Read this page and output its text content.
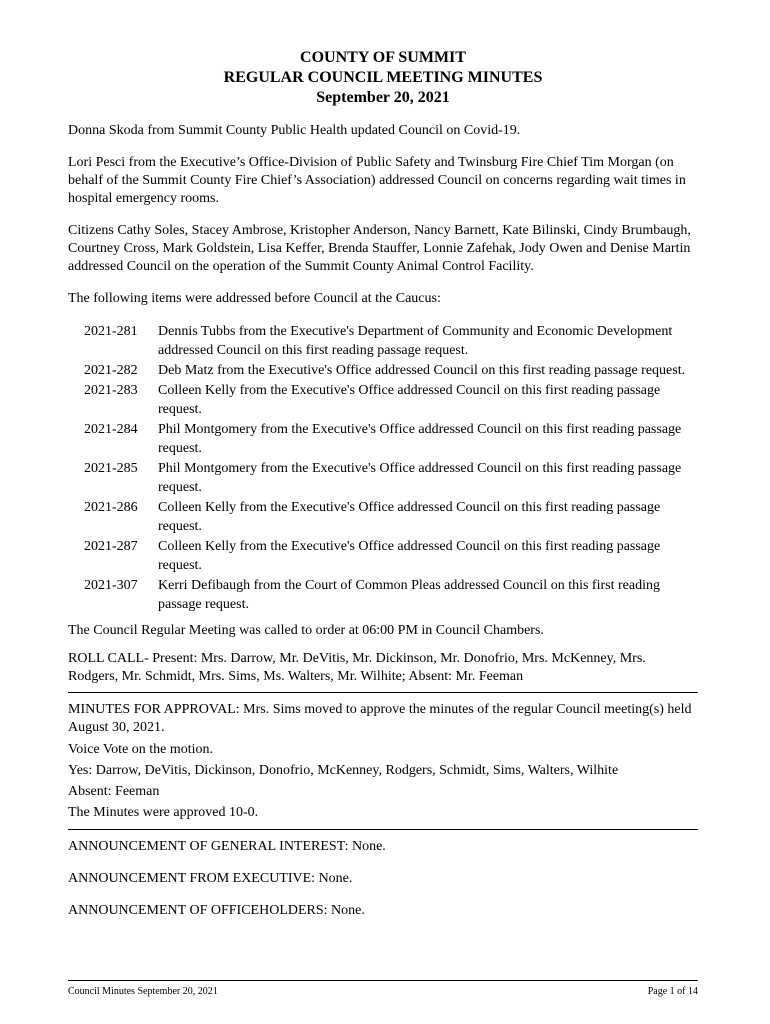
COUNTY OF SUMMIT
REGULAR COUNCIL MEETING MINUTES
September 20, 2021

Donna Skoda from Summit County Public Health updated Council on Covid-19.

Lori Pesci from the Executive’s Office-Division of Public Safety and Twinsburg Fire Chief Tim Morgan (on behalf of the Summit County Fire Chief’s Association) addressed Council on concerns regarding wait times in hospital emergency rooms.

Citizens Cathy Soles, Stacey Ambrose, Kristopher Anderson, Nancy Barnett, Kate Bilinski, Cindy Brumbaugh, Courtney Cross, Mark Goldstein, Lisa Keffer, Brenda Stauffer, Lonnie Zafehak, Jody Owen and Denise Martin addressed Council on the operation of the Summit County Animal Control Facility.

The following items were addressed before Council at the Caucus:

2021-281	Dennis Tubbs from the Executive's Department of Community and Economic Development addressed Council on this first reading passage request.
2021-282	Deb Matz from the Executive's Office addressed Council on this first reading passage request.
2021-283	Colleen Kelly from the Executive's Office addressed Council on this first reading passage request.
2021-284	Phil Montgomery from the Executive's Office addressed Council on this first reading passage request.
2021-285	Phil Montgomery from the Executive's Office addressed Council on this first reading passage request.
2021-286	Colleen Kelly from the Executive's Office addressed Council on this first reading passage request.
2021-287	Colleen Kelly from the Executive's Office addressed Council on this first reading passage request.
2021-307	Kerri Defibaugh from the Court of Common Pleas addressed Council on this first reading passage request.

The Council Regular Meeting was called to order at 06:00 PM in Council Chambers.

ROLL CALL- Present: Mrs. Darrow, Mr. DeVitis, Mr. Dickinson, Mr. Donofrio, Mrs. McKenney, Mrs. Rodgers, Mr. Schmidt, Mrs. Sims, Ms. Walters, Mr. Wilhite; Absent: Mr. Feeman

MINUTES FOR APPROVAL: Mrs. Sims moved to approve the minutes of the regular Council meeting(s) held August 30, 2021.

Voice Vote on the motion.

Yes: Darrow, DeVitis, Dickinson, Donofrio, McKenney, Rodgers, Schmidt, Sims, Walters, Wilhite

Absent: Feeman

The Minutes were approved 10-0.

ANNOUNCEMENT OF GENERAL INTEREST: None.

ANNOUNCEMENT FROM EXECUTIVE: None.

ANNOUNCEMENT OF OFFICEHOLDERS: None.

Council Minutes September 20, 2021	Page 1 of 14
